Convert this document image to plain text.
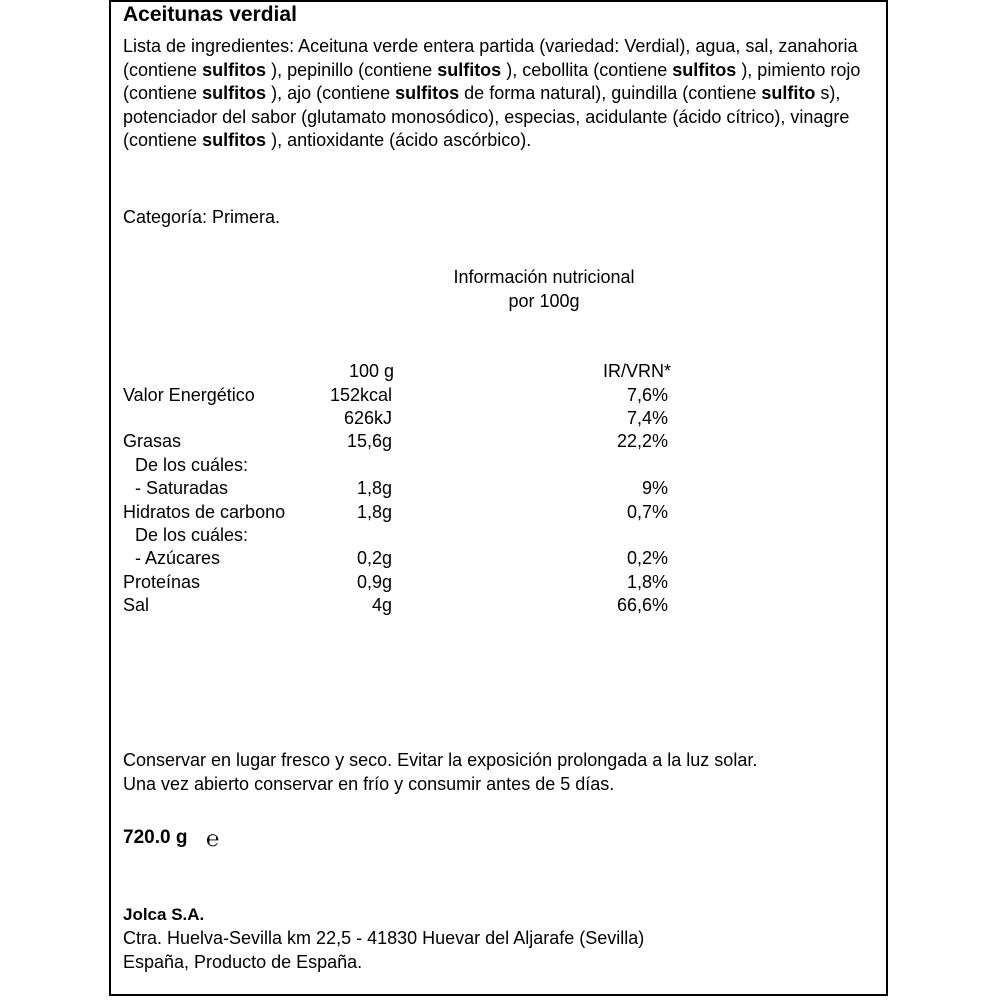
Aceitunas verdial
Lista de ingredientes: Aceituna verde entera partida (variedad: Verdial), agua, sal, zanahoria (contiene sulfitos ), pepinillo (contiene sulfitos ), cebollita (contiene sulfitos ), pimiento rojo (contiene sulfitos ), ajo (contiene sulfitos de forma natural), guindilla (contiene sulfito s), potenciador del sabor (glutamato monosódico), especias, acidulante (ácido cítrico), vinagre (contiene sulfitos ), antioxidante (ácido ascórbico).
Categoría: Primera.
Información nutricional
por 100g
100 g	IR/VRN*
Valor Energético	152kcal	7,6%
626kJ	7,4%
Grasas	15,6g	22,2%
De los cuáles:
- Saturadas	1,8g	9%
Hidratos de carbono	1,8g	0,7%
De los cuáles:
- Azúcares	0,2g	0,2%
Proteínas	0,9g	1,8%
Sal	4g	66,6%
Conservar en lugar fresco y seco. Evitar la exposición prolongada a la luz solar.
Una vez abierto conservar en frío y consumir antes de 5 días.
720.0 g ℮
Jolca S.A.
Ctra. Huelva-Sevilla km 22,5 - 41830 Huevar del Aljarafe (Sevilla)
España, Producto de España.
